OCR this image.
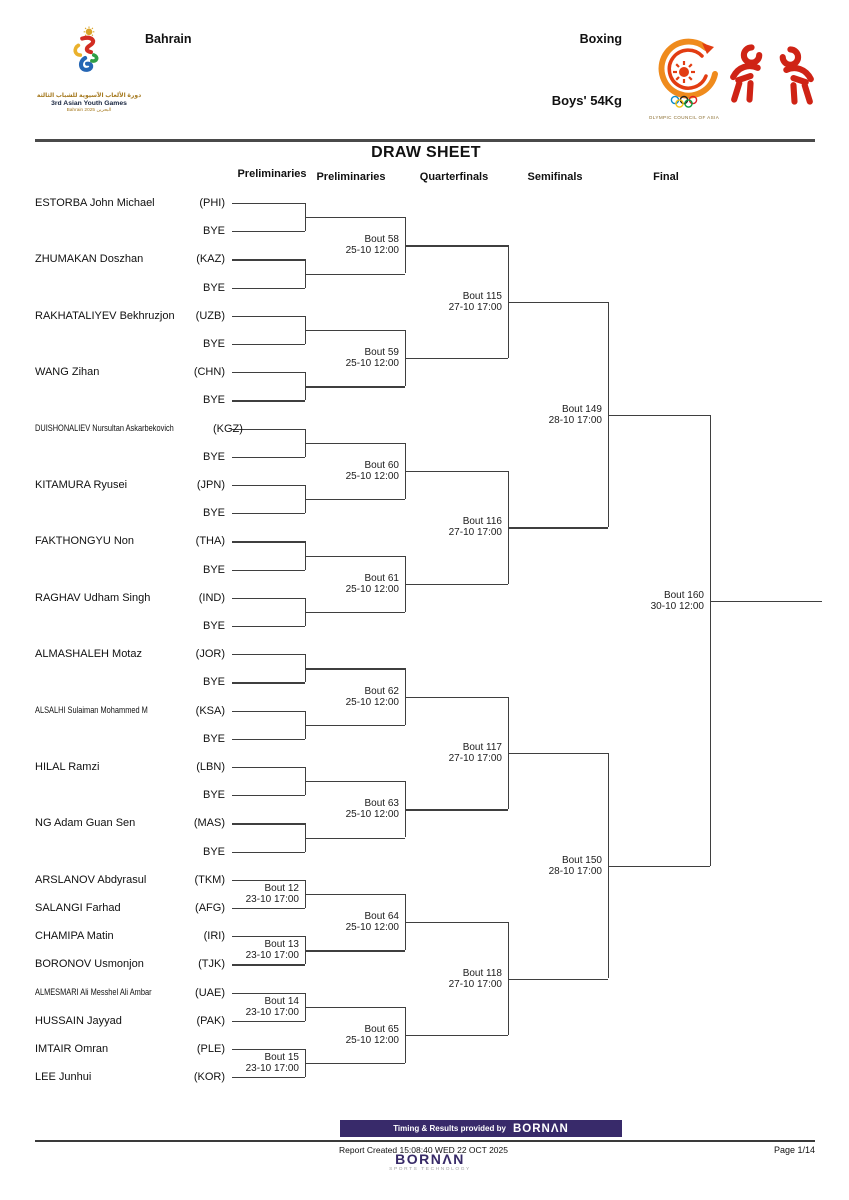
دورة الألعاب الآسيوية للشباب الثالثة
3rd Asian Youth Games
Bahrain 2025 البحرين
Bahrain	Boxing
Boys' 54Kg
OLYMPIC COUNCIL OF ASIA
DRAW SHEET
Preliminaries Preliminaries	Quarterfinals	Semifinals	Final
ESTORBA John Michael	(PHI)
BYE
ZHUMAKAN Doszhan	(KAZ)
BYE
RAKHATALIYEV Bekhruzjon (UZB)
BYE
WANG Zihan	(CHN)
BYE
DUISHONALIEV Nursultan Askarbekovich	(KGZ)
BYE
KITAMURA Ryusei	(JPN)
BYE
FAKTHONGYU Non	(THA)
BYE
RAGHAV Udham Singh	(IND)
BYE
ALMASHALEH Motaz	(JOR)
BYE
ALSALHI Sulaiman Mohammed M	(KSA)
BYE
HILAL Ramzi	(LBN)
BYE
NG Adam Guan Sen	(MAS)
BYE
ARSLANOV Abdyrasul	(TKM)
SALANGI Farhad	(AFG)
CHAMIPA Matin	(IRI)
BORONOV Usmonjon	(TJK)
ALMESMARI Ali Messhel Ali Ambar	(UAE)
HUSSAIN Jayyad	(PAK)
IMTAIR Omran	(PLE)
LEE Junhui	(KOR)
Bout 12
23-10 17:00
Bout 13
23-10 17:00
Bout 14
23-10 17:00
Bout 15
23-10 17:00
Bout 58
25-10 12:00
Bout 59
25-10 12:00
Bout 60
25-10 12:00
Bout 61
25-10 12:00
Bout 62
25-10 12:00
Bout 63
25-10 12:00
Bout 64
25-10 12:00
Bout 65
25-10 12:00
Bout 115
27-10 17:00
Bout 116
27-10 17:00
Bout 117
27-10 17:00
Bout 118
27-10 17:00
Bout 149
28-10 17:00
Bout 150
28-10 17:00
Bout 160
30-10 12:00
Timing & Results provided by BORNΛN
Report Created 15:08:40 WED 22 OCT 2025	Page 1/14
BORNΛN
SPORTS TECHNOLOGY
